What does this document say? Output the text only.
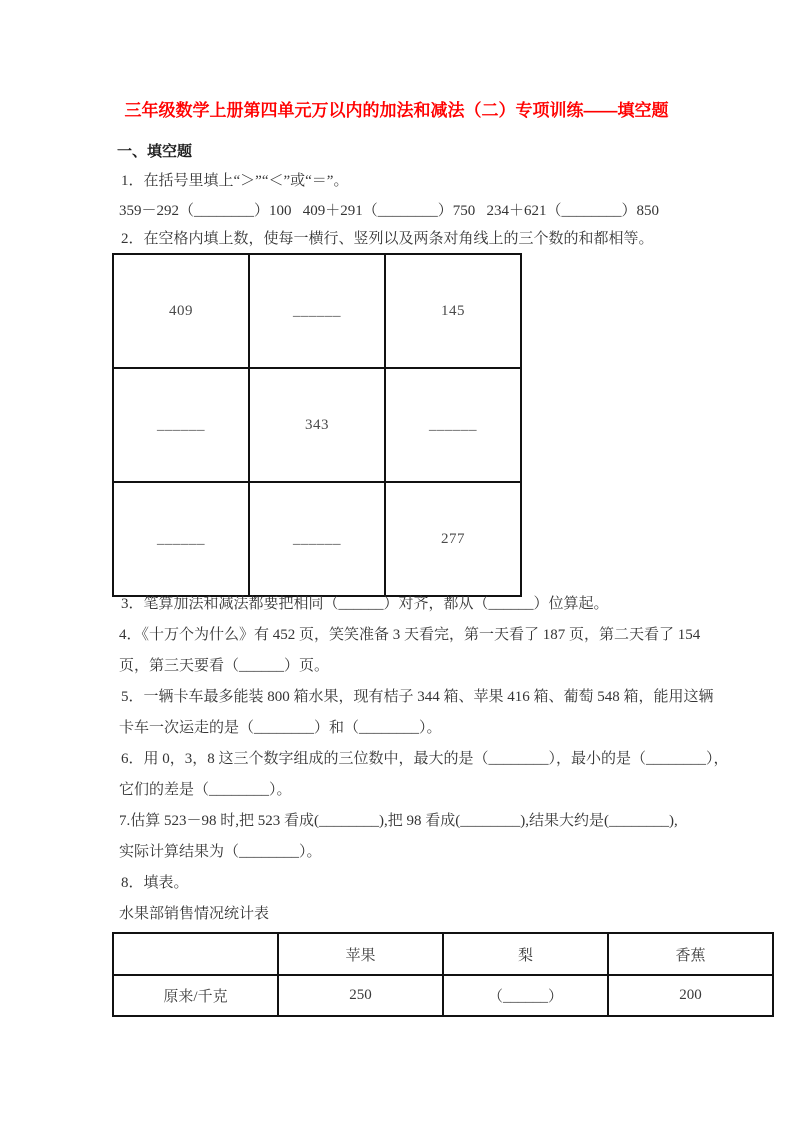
三年级数学上册第四单元万以内的加法和减法（二）专项训练——填空题
一、填空题
1．在括号里填上“＞”“＜”或“＝”。
359－292（________）100   409＋291（________）750   234＋621（________）850
2．在空格内填上数，使每一横行、竖列以及两条对角线上的三个数的和都相等。
409	______	145
______	343	______
______	______	277
3．笔算加法和减法都要把相同（______）对齐，都从（______）位算起。
4．《十万个为什么》有 452 页，笑笑准备 3 天看完，第一天看了 187 页，第二天看了 154
页，第三天要看（______）页。
5．一辆卡车最多能装 800 箱水果，现有桔子 344 箱、苹果 416 箱、葡萄 548 箱，能用这辆
卡车一次运走的是（________）和（________）。
6．用 0，3，8 这三个数字组成的三位数中，最大的是（________），最小的是（________），
它们的差是（________）。
7.估算 523－98 时,把 523 看成(________),把 98 看成(________),结果大约是(________),
实际计算结果为（________）。
8．填表。
水果部销售情况统计表
	苹果	梨	香蕉
原来/千克	250	（______）	200
